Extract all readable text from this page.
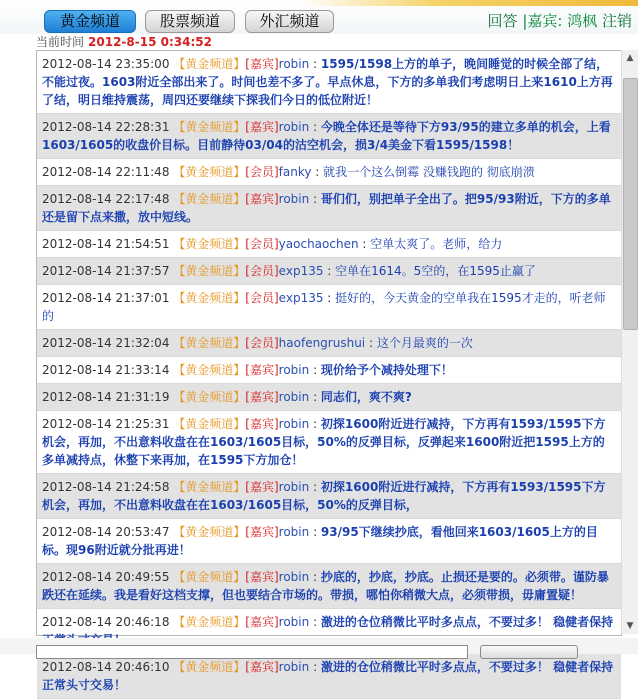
黄金频道	股票频道	外汇频道	回答 |嘉宾: 鸿枫 注销
当前时间 2012-8-15 0:34:52
2012-08-14 23:35:00 【黄金频道】[嘉宾]robin : 1595/1598上方的单子，晚间睡觉的时候全部了结，不能过夜。1603附近全部出来了。时间也差不多了。早点休息，下方的多单我们考虑明日上来1610上方再了结，明日维持震荡，周四还要继续下探我们今日的低位附近！
2012-08-14 22:28:31 【黄金频道】[嘉宾]robin : 今晚全体还是等待下方93/95的建立多单的机会，上看1603/1605的收盘价目标。目前静待03/04的沽空机会，损3/4美金下看1595/1598！
2012-08-14 22:11:48 【黄金频道】[会员]fanky : 就我一个这么倒霉 没赚钱跑的 彻底崩溃
2012-08-14 22:17:48 【黄金频道】[嘉宾]robin : 哥们们，别把单子全出了。把95/93附近，下方的多单还是留下点来撒，放中短线。
2012-08-14 21:54:51 【黄金频道】[会员]yaochaochen : 空单太爽了。老师，给力
2012-08-14 21:37:57 【黄金频道】[会员]exp135 : 空单在1614。5空的，在1595止赢了
2012-08-14 21:37:01 【黄金频道】[会员]exp135 : 挺好的，今天黄金的空单我在1595才走的，听老师的
2012-08-14 21:32:04 【黄金频道】[会员]haofengrushui : 这个月最爽的一次
2012-08-14 21:33:14 【黄金频道】[嘉宾]robin : 现价给予个减持处理下！
2012-08-14 21:31:19 【黄金频道】[嘉宾]robin : 同志们，爽不爽?
2012-08-14 21:25:31 【黄金频道】[嘉宾]robin : 初探1600附近进行减持，下方再有1593/1595下方机会，再加，不出意料收盘在在1603/1605目标，50%的反弹目标，反弹起来1600附近把1595上方的多单减持点，休整下来再加，在1595下方加仓！
2012-08-14 21:24:58 【黄金频道】[嘉宾]robin : 初探1600附近进行减持，下方再有1593/1595下方机会，再加，不出意料收盘在在1603/1605目标，50%的反弹目标，
2012-08-14 20:53:47 【黄金频道】[嘉宾]robin : 93/95下继续抄底，看他回来1603/1605上方的目标。现96附近就分批再进！
2012-08-14 20:49:55 【黄金频道】[嘉宾]robin : 抄底的，抄底，抄底。止损还是要的。必须带。谨防暴跌还在延续。我是看好这档支撑，但也要结合市场的。带损，哪怕你稍微大点，必须带损，毋庸置疑！
2012-08-14 20:46:18 【黄金频道】[嘉宾]robin : 激进的仓位稍微比平时多点点，不要过多！ 稳健者保持
2012-08-14 20:46:10 【黄金频道】[嘉宾]robin : 激进的仓位稍微比平时多点点，不要过多！ 稳健者保持正常头寸交易！
▲
▼
